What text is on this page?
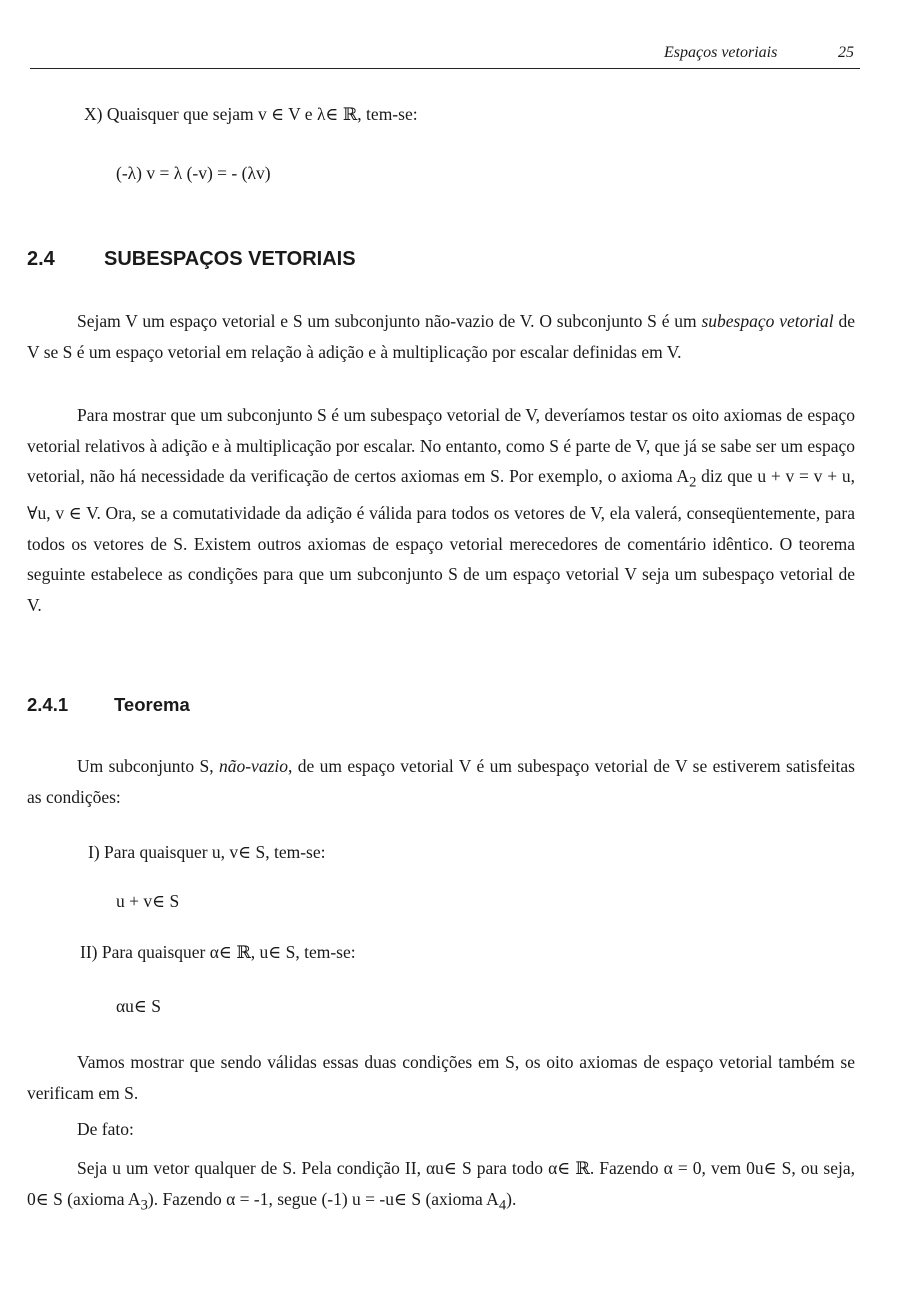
Espaços vetoriais	25
X) Quaisquer que sejam v ∈ V e λ∈ ℝ, tem-se:
(-λ) v = λ (-v) = - (λv)
2.4 SUBESPAÇOS VETORIAIS

Sejam V um espaço vetorial e S um subconjunto não-vazio de V. O subconjunto S é um subespaço vetorial de V se S é um espaço vetorial em relação à adição e à multiplicação por escalar definidas em V.

Para mostrar que um subconjunto S é um subespaço vetorial de V, deveríamos testar os oito axiomas de espaço vetorial relativos à adição e à multiplicação por escalar. No entanto, como S é parte de V, que já se sabe ser um espaço vetorial, não há necessidade da verificação de certos axiomas em S. Por exemplo, o axioma $A_2$ diz que u + v = v + u, ∀u, v ∈ V. Ora, se a comutatividade da adição é válida para todos os vetores de V, ela valerá, conseqüentemente, para todos os vetores de S. Existem outros axiomas de espaço vetorial merecedores de comentário idêntico. O teorema seguinte estabelece as condições para que um subconjunto S de um espaço vetorial V seja um subespaço vetorial de V.

2.4.1 Teorema

Um subconjunto S, não-vazio, de um espaço vetorial V é um subespaço vetorial de V se estiverem satisfeitas as condições:

I) Para quaisquer u, v∈ S, tem-se:
u + v∈ S
II) Para quaisquer α∈ ℝ, u∈ S, tem-se:
αu∈ S

Vamos mostrar que sendo válidas essas duas condições em S, os oito axiomas de espaço vetorial também se verificam em S.

De fato:

Seja u um vetor qualquer de S. Pela condição II, αu∈ S para todo α∈ ℝ. Fazendo α = 0, vem 0u∈ S, ou seja, 0∈ S (axioma $A_3$). Fazendo α = -1, segue (-1) u = -u∈ S (axioma $A_4$).
